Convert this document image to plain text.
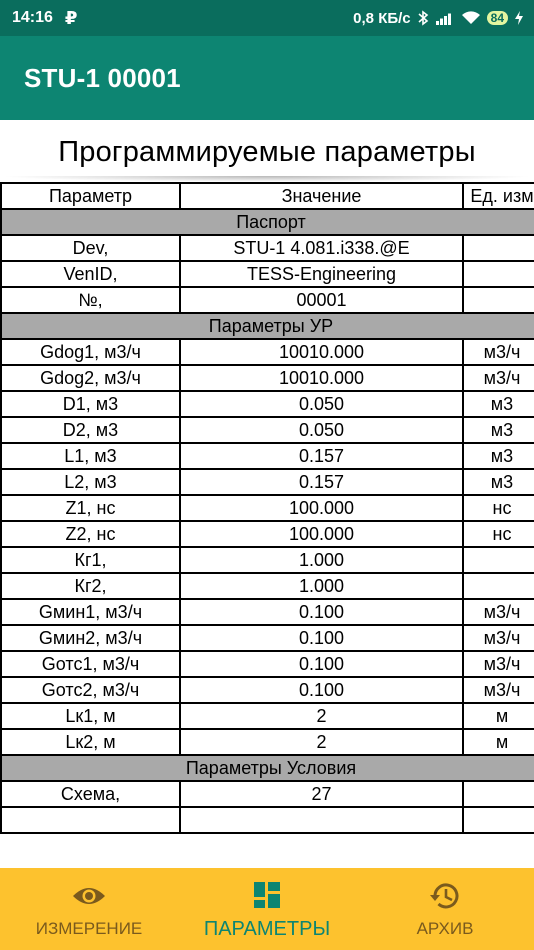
14:16 ₽	0,8 КБ/с	84
STU-1 00001
Программируемые параметры
Параметр	Значение	Ед. изм
Паспорт		
Dev,	STU-1 4.081.i338.@E	
VenID,	TESS-Engineering	
№,	00001	
Параметры УР		
Gdog1, м3/ч	10010.000	м3/ч
Gdog2, м3/ч	10010.000	м3/ч
D1, м3	0.050	м3
D2, м3	0.050	м3
L1, м3	0.157	м3
L2, м3	0.157	м3
Z1, нс	100.000	нс
Z2, нс	100.000	нс
Кг1,	1.000	
Кг2,	1.000	
Gмин1, м3/ч	0.100	м3/ч
Gмин2, м3/ч	0.100	м3/ч
Gотс1, м3/ч	0.100	м3/ч
Gотс2, м3/ч	0.100	м3/ч
Lк1, м	2	м
Lк2, м	2	м
Параметры Условия		
Схема,	27	

ИЗМЕРЕНИЕ	ПАРАМЕТРЫ	АРХИВ
